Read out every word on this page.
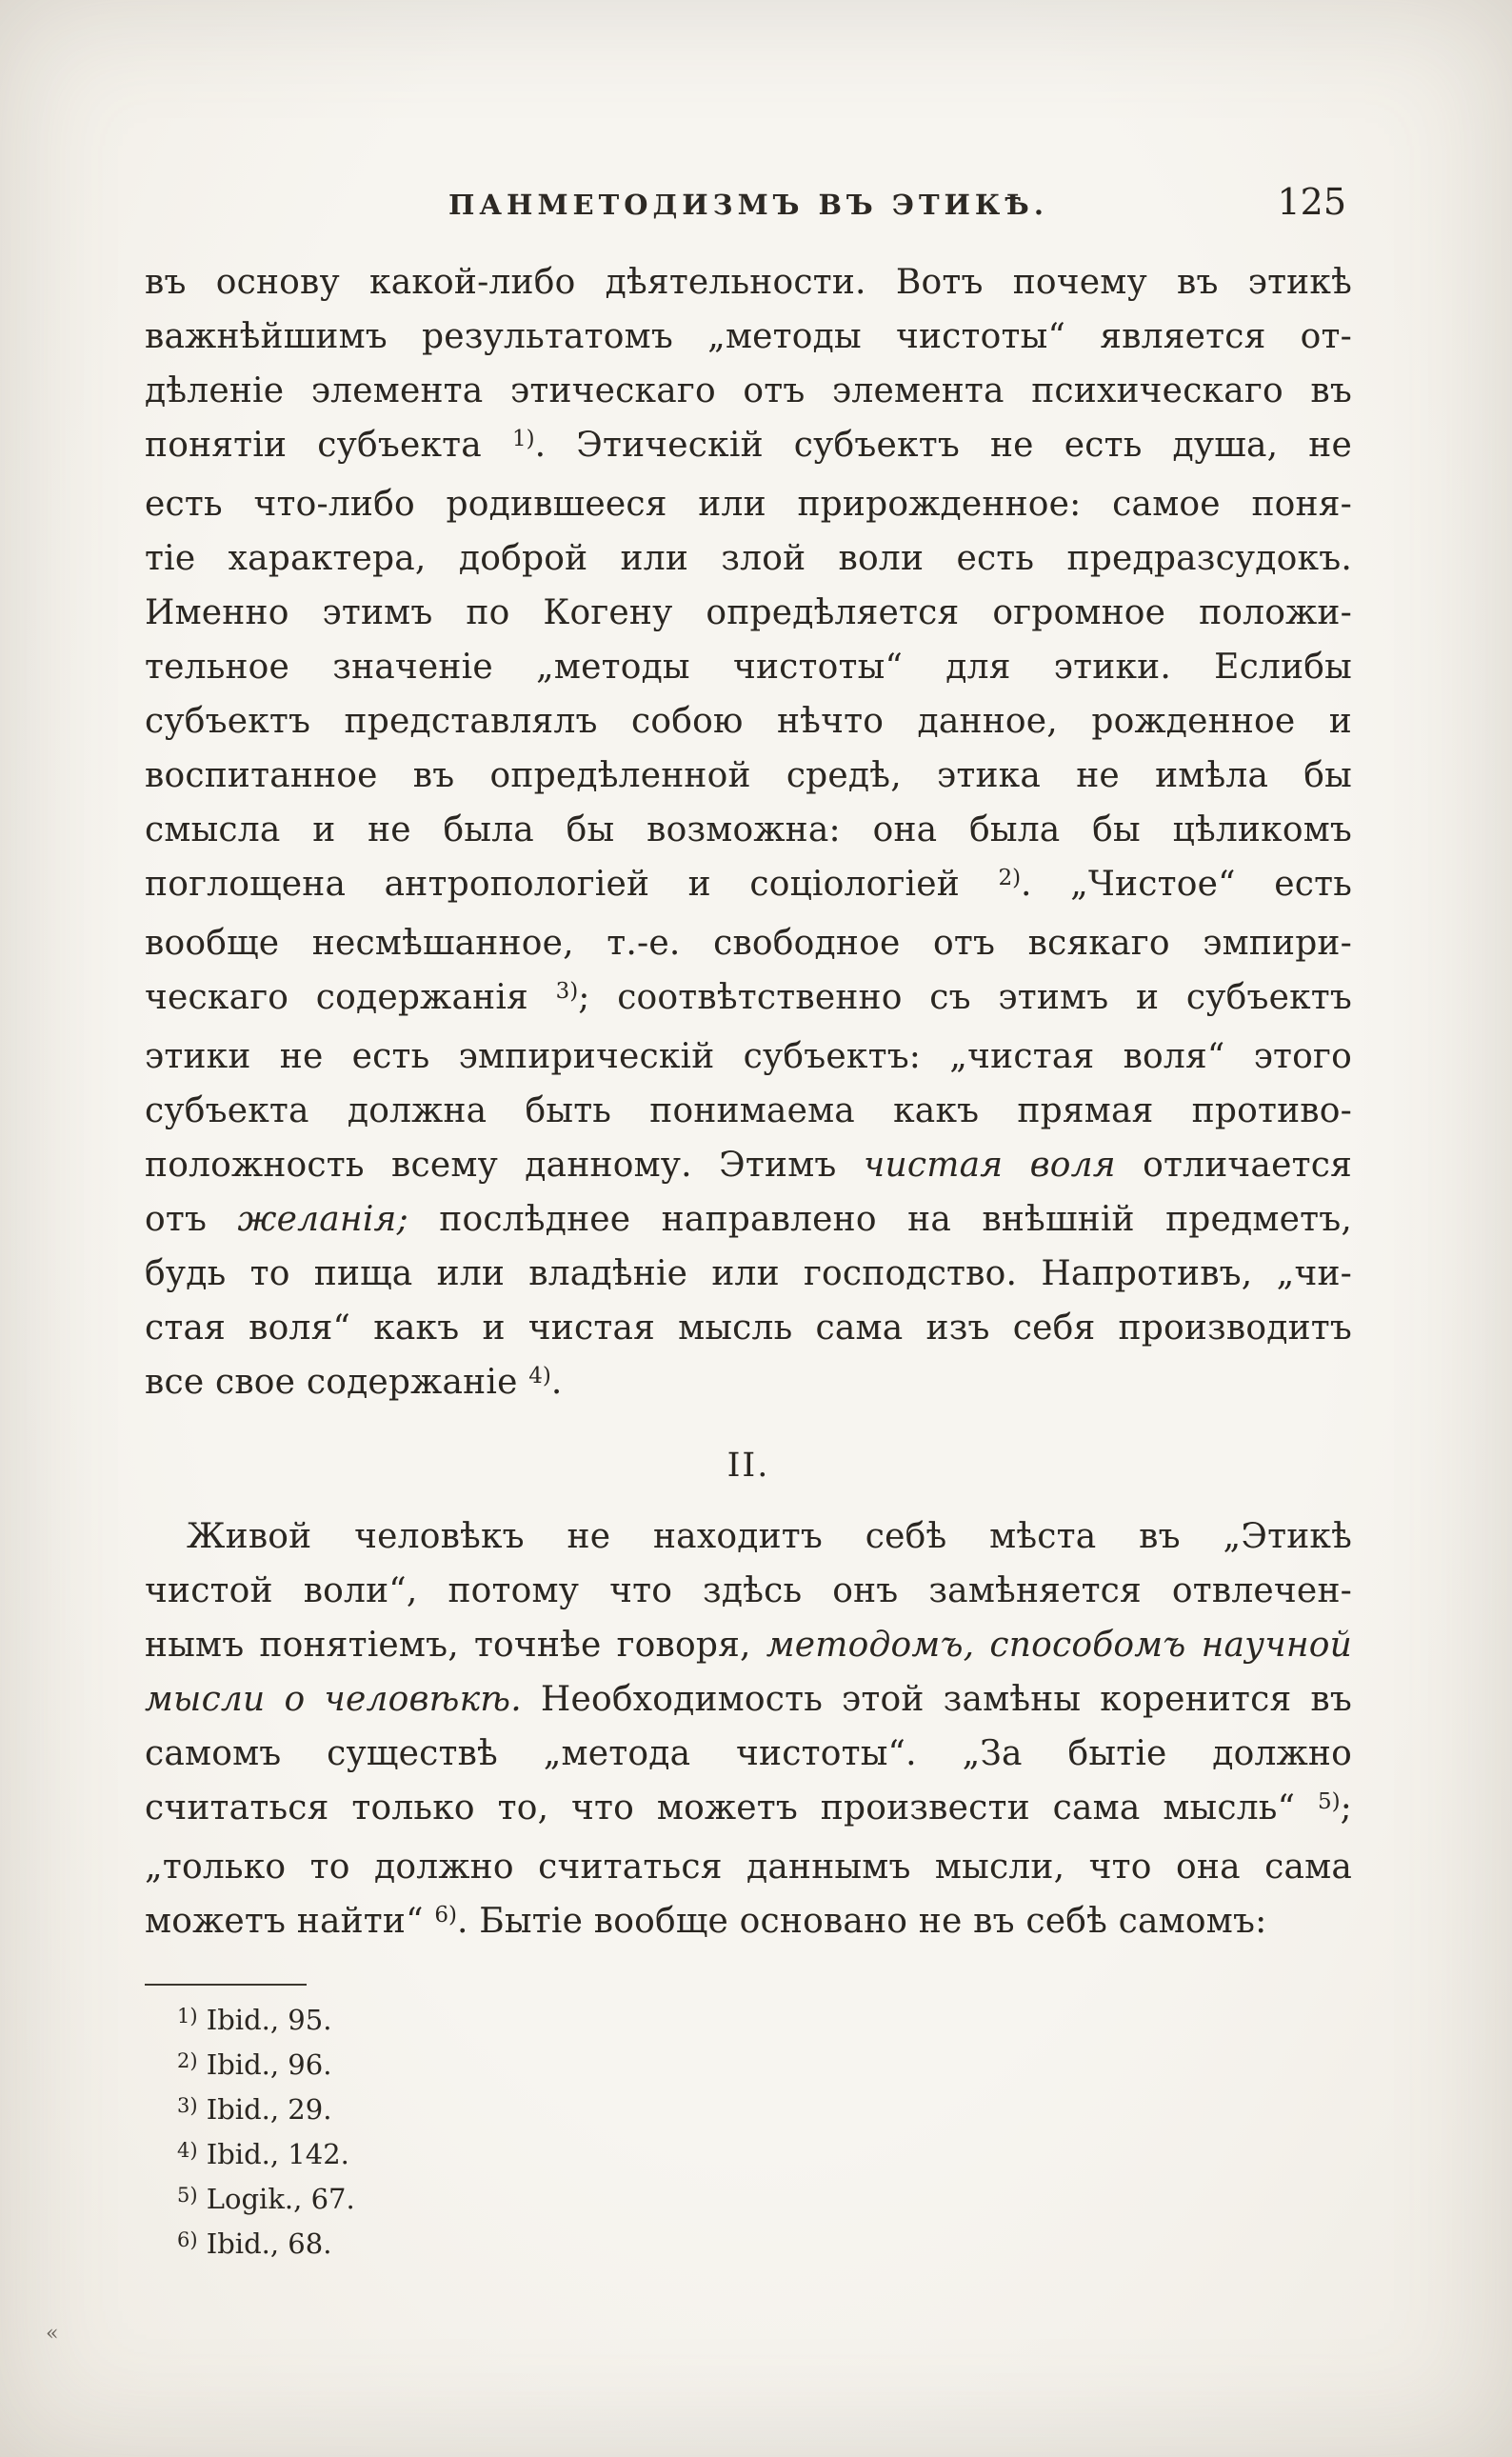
ПАНМЕТОДИЗМЪ ВЪ ЭТИКѢ.	125
въ основу какой-либо дѣятельности. Вотъ почему въ этикѣ
важнѣйшимъ результатомъ „методы чистоты“ является от-
дѣленіе элемента этическаго отъ элемента психическаго въ
понятіи субъекта $^{1)}$. Этическій субъектъ не есть душа, не
есть что-либо родившееся или прирожденное: самое поня-
тіе характера, доброй или злой воли есть предразсудокъ.
Именно этимъ по Когену опредѣляется огромное положи-
тельное значеніе „методы чистоты“ для этики. Еслибы
субъектъ представлялъ собою нѣчто данное, рожденное и
воспитанное въ опредѣленной средѣ, этика не имѣла бы
смысла и не была бы возможна: она была бы цѣликомъ
поглощена антропологіей и соціологіей $^{2)}$. „Чистое“ есть
вообще несмѣшанное, т.-е. свободное отъ всякаго эмпири-
ческаго содержанія $^{3)}$; соотвѣтственно съ этимъ и субъектъ
этики не есть эмпирическій субъектъ: „чистая воля“ этого
субъекта должна быть понимаема какъ прямая противо-
положность всему данному. Этимъ чистая воля отличается
отъ желанія; послѣднее направлено на внѣшній предметъ,
будь то пища или владѣніе или господство. Напротивъ, „чи-
стая воля“ какъ и чистая мысль сама изъ себя производитъ
все свое содержаніе $^{4)}$.
II.
Живой человѣкъ не находитъ себѣ мѣста въ „Этикѣ
чистой воли“, потому что здѣсь онъ замѣняется отвлечен-
нымъ понятіемъ, точнѣе говоря, методомъ, способомъ научной
мысли о человѣкѣ. Необходимость этой замѣны коренится въ
самомъ существѣ „метода чистоты“. „За бытіе должно
считаться только то, что можетъ произвести сама мысль“ $^{5)}$;
„только то должно считаться даннымъ мысли, что она сама
можетъ найти“ $^{6)}$. Бытіе вообще основано не въ себѣ самомъ:
$^{1)}$ Ibid., 95.
$^{2)}$ Ibid., 96.
$^{3)}$ Ibid., 29.
$^{4)}$ Ibid., 142.
$^{5)}$ Logik., 67.
$^{6)}$ Ibid., 68.
«
